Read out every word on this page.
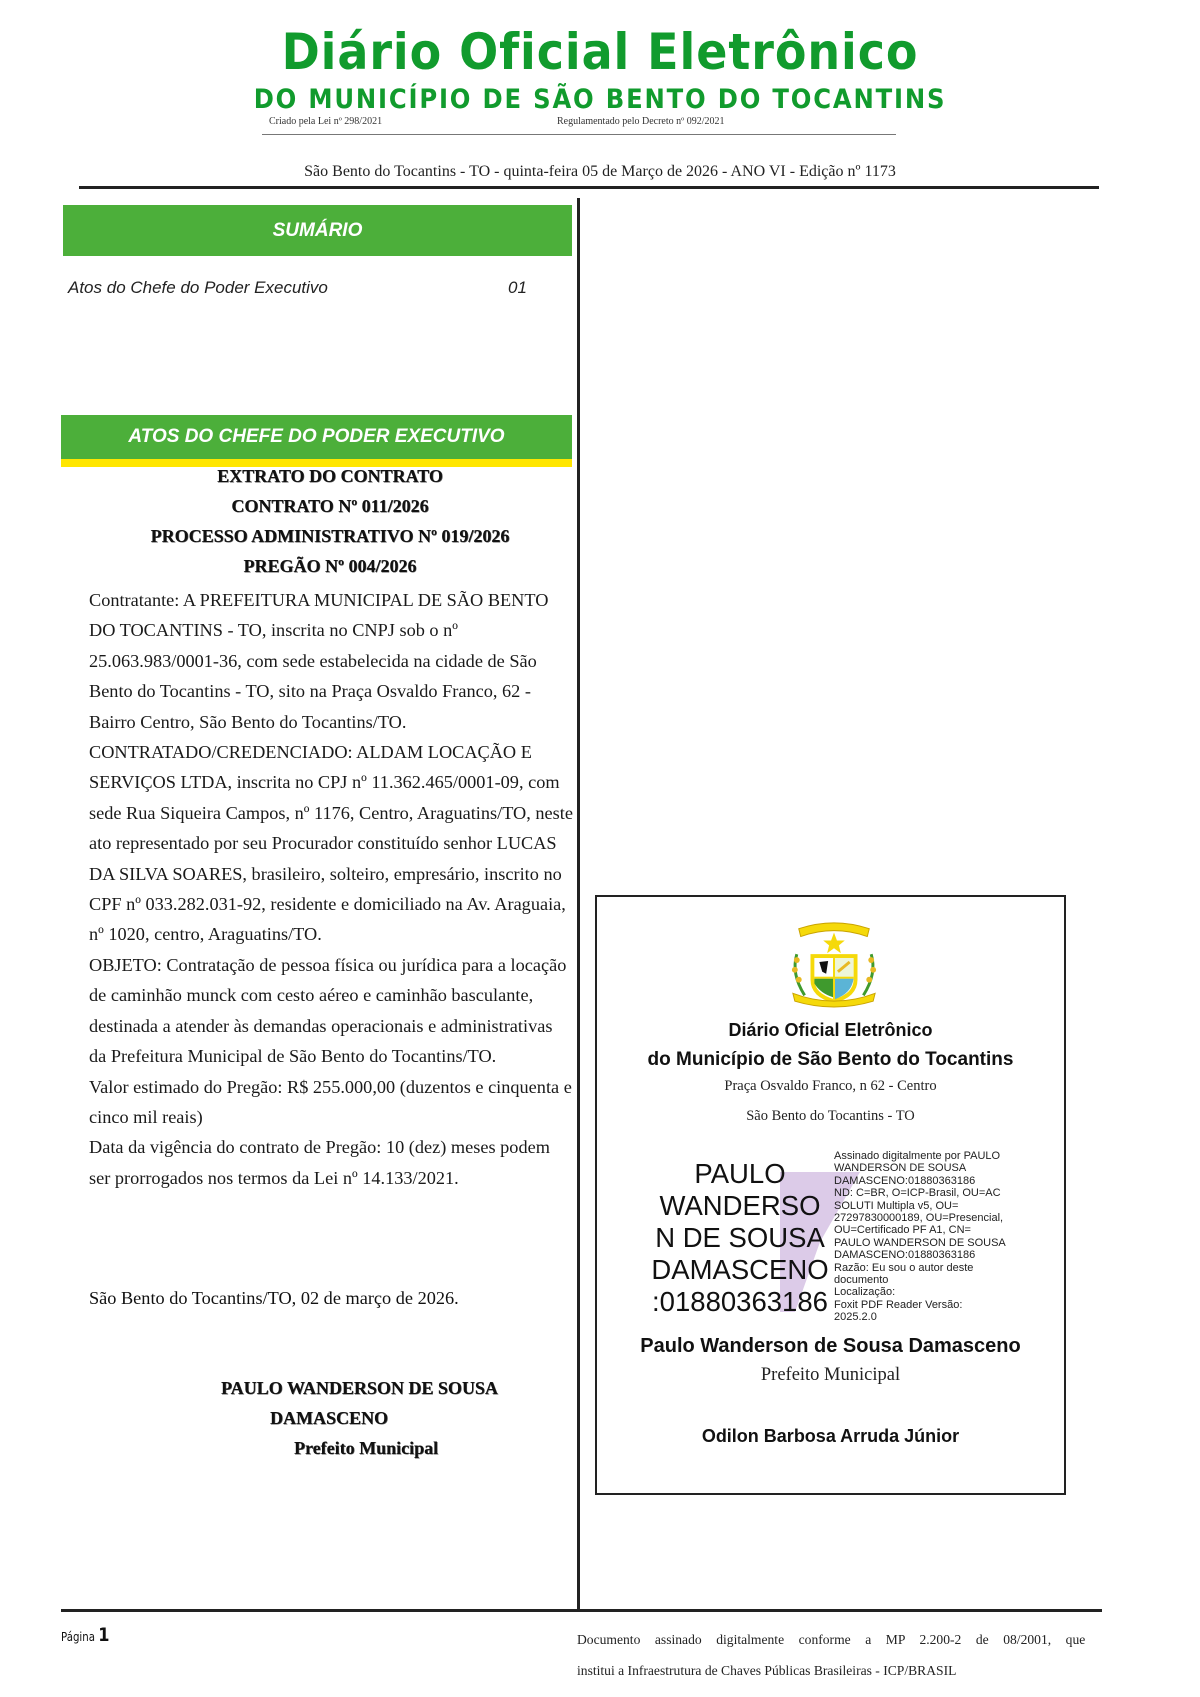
Diário Oficial Eletrônico
DO MUNICÍPIO DE SÃO BENTO DO TOCANTINS
Criado pela Lei nº 298/2021	Regulamentado pelo Decreto nº 092/2021
São Bento do Tocantins - TO - quinta-feira 05 de Março de 2026 - ANO VI - Edição nº 1173
SUMÁRIO
Atos do Chefe do Poder Executivo	01
ATOS DO CHEFE DO PODER EXECUTIVO
EXTRATO DO CONTRATO
CONTRATO Nº 011/2026
PROCESSO ADMINISTRATIVO Nº 019/2026
PREGÃO Nº 004/2026

Contratante: A PREFEITURA MUNICIPAL DE SÃO BENTO DO TOCANTINS - TO, inscrita no CNPJ sob o nº 25.063.983/0001-36, com sede estabelecida na cidade de São Bento do Tocantins - TO, sito na Praça Osvaldo Franco, 62 - Bairro Centro, São Bento do Tocantins/TO.

CONTRATADO/CREDENCIADO: ALDAM LOCAÇÃO E SERVIÇOS LTDA, inscrita no CPJ nº 11.362.465/0001-09, com sede Rua Siqueira Campos, nº 1176, Centro, Araguatins/TO, neste ato representado por seu Procurador constituído senhor LUCAS DA SILVA SOARES, brasileiro, solteiro, empresário, inscrito no CPF nº 033.282.031-92, residente e domiciliado na Av. Araguaia, nº 1020, centro, Araguatins/TO.

OBJETO: Contratação de pessoa física ou jurídica para a locação de caminhão munck com cesto aéreo e caminhão basculante, destinada a atender às demandas operacionais e administrativas da Prefeitura Municipal de São Bento do Tocantins/TO.

Valor estimado do Pregão: R$ 255.000,00 (duzentos e cinquenta e cinco mil reais)

Data da vigência do contrato de Pregão: 10 (dez) meses podem ser prorrogados nos termos da Lei nº 14.133/2021.

São Bento do Tocantins/TO, 02 de março de 2026.
PAULO WANDERSON DE SOUSA
DAMASCENO
Prefeito Municipal
Diário Oficial Eletrônico
do Município de São Bento do Tocantins
Praça Osvaldo Franco, n 62 - Centro
São Bento do Tocantins - TO
PAULO
WANDERSO
N DE SOUSA
DAMASCENO
:01880363186
Assinado digitalmente por PAULO
WANDERSON DE SOUSA
DAMASCENO:01880363186
ND: C=BR, O=ICP-Brasil, OU=AC
SOLUTI Multipla v5, OU=
27297830000189, OU=Presencial,
OU=Certificado PF A1, CN=
PAULO WANDERSON DE SOUSA
DAMASCENO:01880363186
Razão: Eu sou o autor deste
documento
Localização:
Foxit PDF Reader Versão:
2025.2.0
Paulo Wanderson de Sousa Damasceno
Prefeito Municipal
Odilon Barbosa Arruda Júnior
Página 1	Documento assinado digitalmente conforme a MP 2.200-2 de 08/2001, que
institui a Infraestrutura de Chaves Públicas Brasileiras - ICP/BRASIL
